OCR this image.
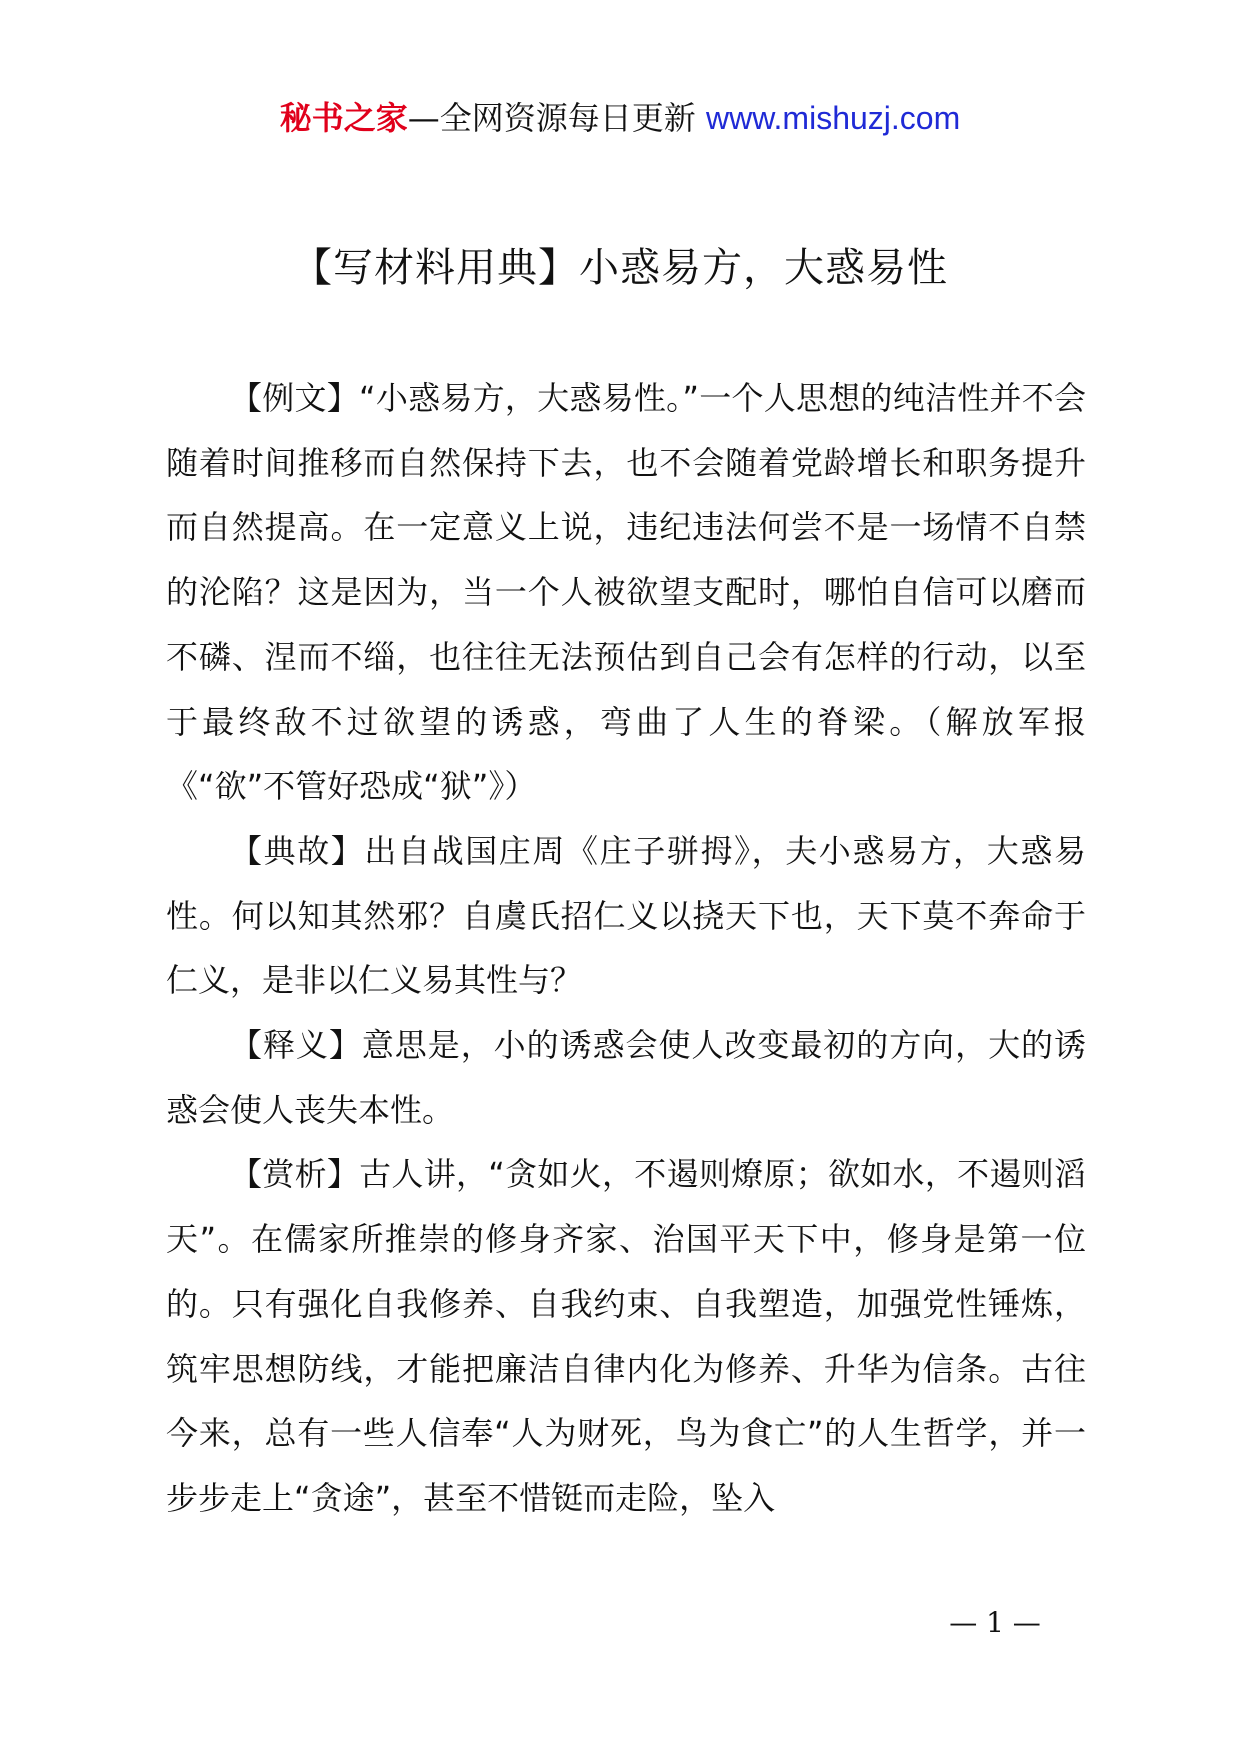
秘书之家—全网资源每日更新 www.mishuzj.com
【写材料用典】小惑易方，大惑易性

【例文】“小惑易方，大惑易性。”一个人思想的纯洁性并不会随着时间推移而自然保持下去，也不会随着党龄增长和职务提升而自然提高。在一定意义上说，违纪违法何尝不是一场情不自禁的沦陷？这是因为，当一个人被欲望支配时，哪怕自信可以磨而不磷、涅而不缁，也往往无法预估到自己会有怎样的行动，以至于最终敌不过欲望的诱惑，弯曲了人生的脊梁。（解放军报《“欲”不管好恐成“狱”》）

【典故】出自战国庄周《庄子骈拇》，夫小惑易方，大惑易性。何以知其然邪？自虞氏招仁义以挠天下也，天下莫不奔命于仁义，是非以仁义易其性与？

【释义】意思是，小的诱惑会使人改变最初的方向，大的诱惑会使人丧失本性。

【赏析】古人讲，“贪如火，不遏则燎原；欲如水，不遏则滔天”。在儒家所推崇的修身齐家、治国平天下中，修身是第一位的。只有强化自我修养、自我约束、自我塑造，加强党性锤炼，筑牢思想防线，才能把廉洁自律内化为修养、升华为信条。古往今来，总有一些人信奉“人为财死，鸟为食亡”的人生哲学，并一步步走上“贪途”，甚至不惜铤而走险，坠入

— 1 —
